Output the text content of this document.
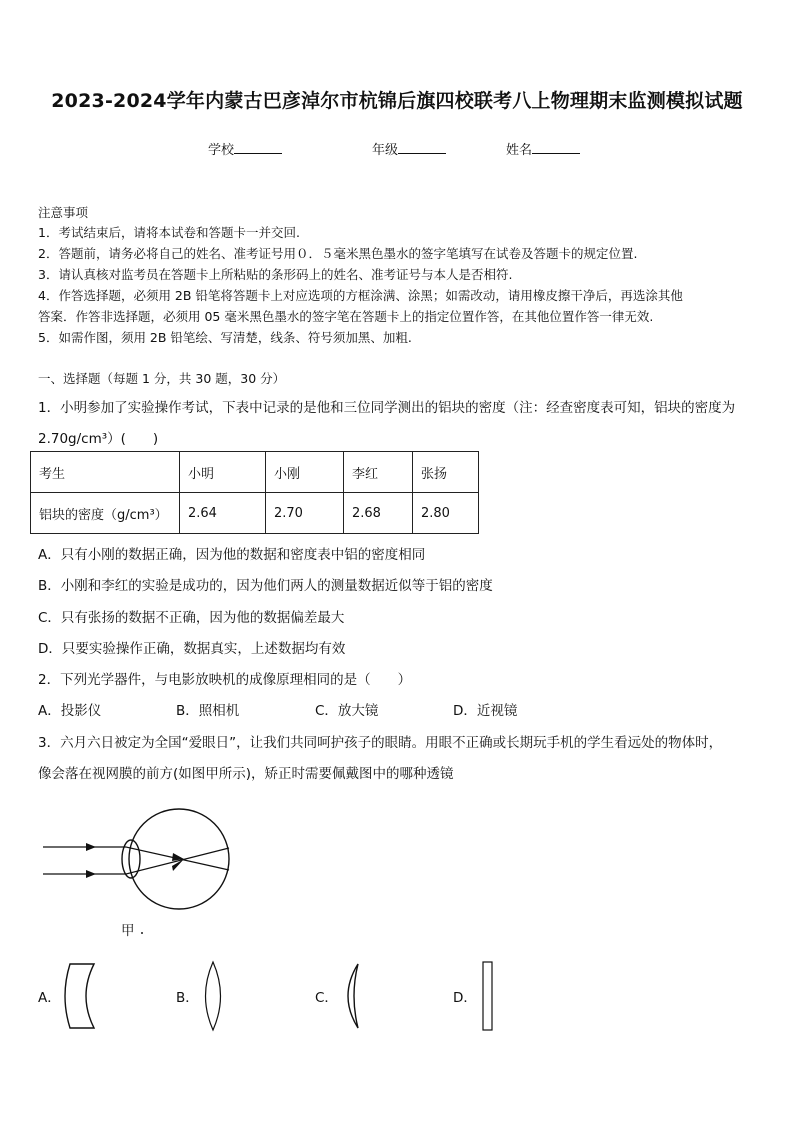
2023-2024学年内蒙古巴彦淖尔市杭锦后旗四校联考八上物理期末监测模拟试题
学校	年级	姓名
注意事项
1．考试结束后，请将本试卷和答题卡一并交回.
2．答题前，请务必将自己的姓名、准考证号用０．５毫米黑色墨水的签字笔填写在试卷及答题卡的规定位置.
3．请认真核对监考员在答题卡上所粘贴的条形码上的姓名、准考证号与本人是否相符.
4．作答选择题，必须用 2B 铅笔将答题卡上对应选项的方框涂满、涂黑；如需改动，请用橡皮擦干净后，再选涂其他
答案．作答非选择题，必须用 05 毫米黑色墨水的签字笔在答题卡上的指定位置作答，在其他位置作答一律无效.
5．如需作图，须用 2B 铅笔绘、写清楚，线条、符号须加黑、加粗.
一、选择题（每题 1 分，共 30 题，30 分）
1．小明参加了实验操作考试，下表中记录的是他和三位同学测出的铝块的密度（注：经查密度表可知，铝块的密度为
2.70g/cm³）(　　)
考生	小明	小刚	李红	张扬
铝块的密度（g/cm³）	2.64	2.70	2.68	2.80
A．只有小刚的数据正确，因为他的数据和密度表中铝的密度相同
B．小刚和李红的实验是成功的，因为他们两人的测量数据近似等于铝的密度
C．只有张扬的数据不正确，因为他的数据偏差最大
D．只要实验操作正确，数据真实，上述数据均有效
2．下列光学器件，与电影放映机的成像原理相同的是（　　）
A．投影仪	B．照相机	C．放大镜	D．近视镜
3．六月六日被定为全国“爱眼日”，让我们共同呵护孩子的眼睛。用眼不正确或长期玩手机的学生看远处的物体时，
像会落在视网膜的前方(如图甲所示)，矫正时需要佩戴图中的哪种透镜
甲
A．	B．	C．	D．
